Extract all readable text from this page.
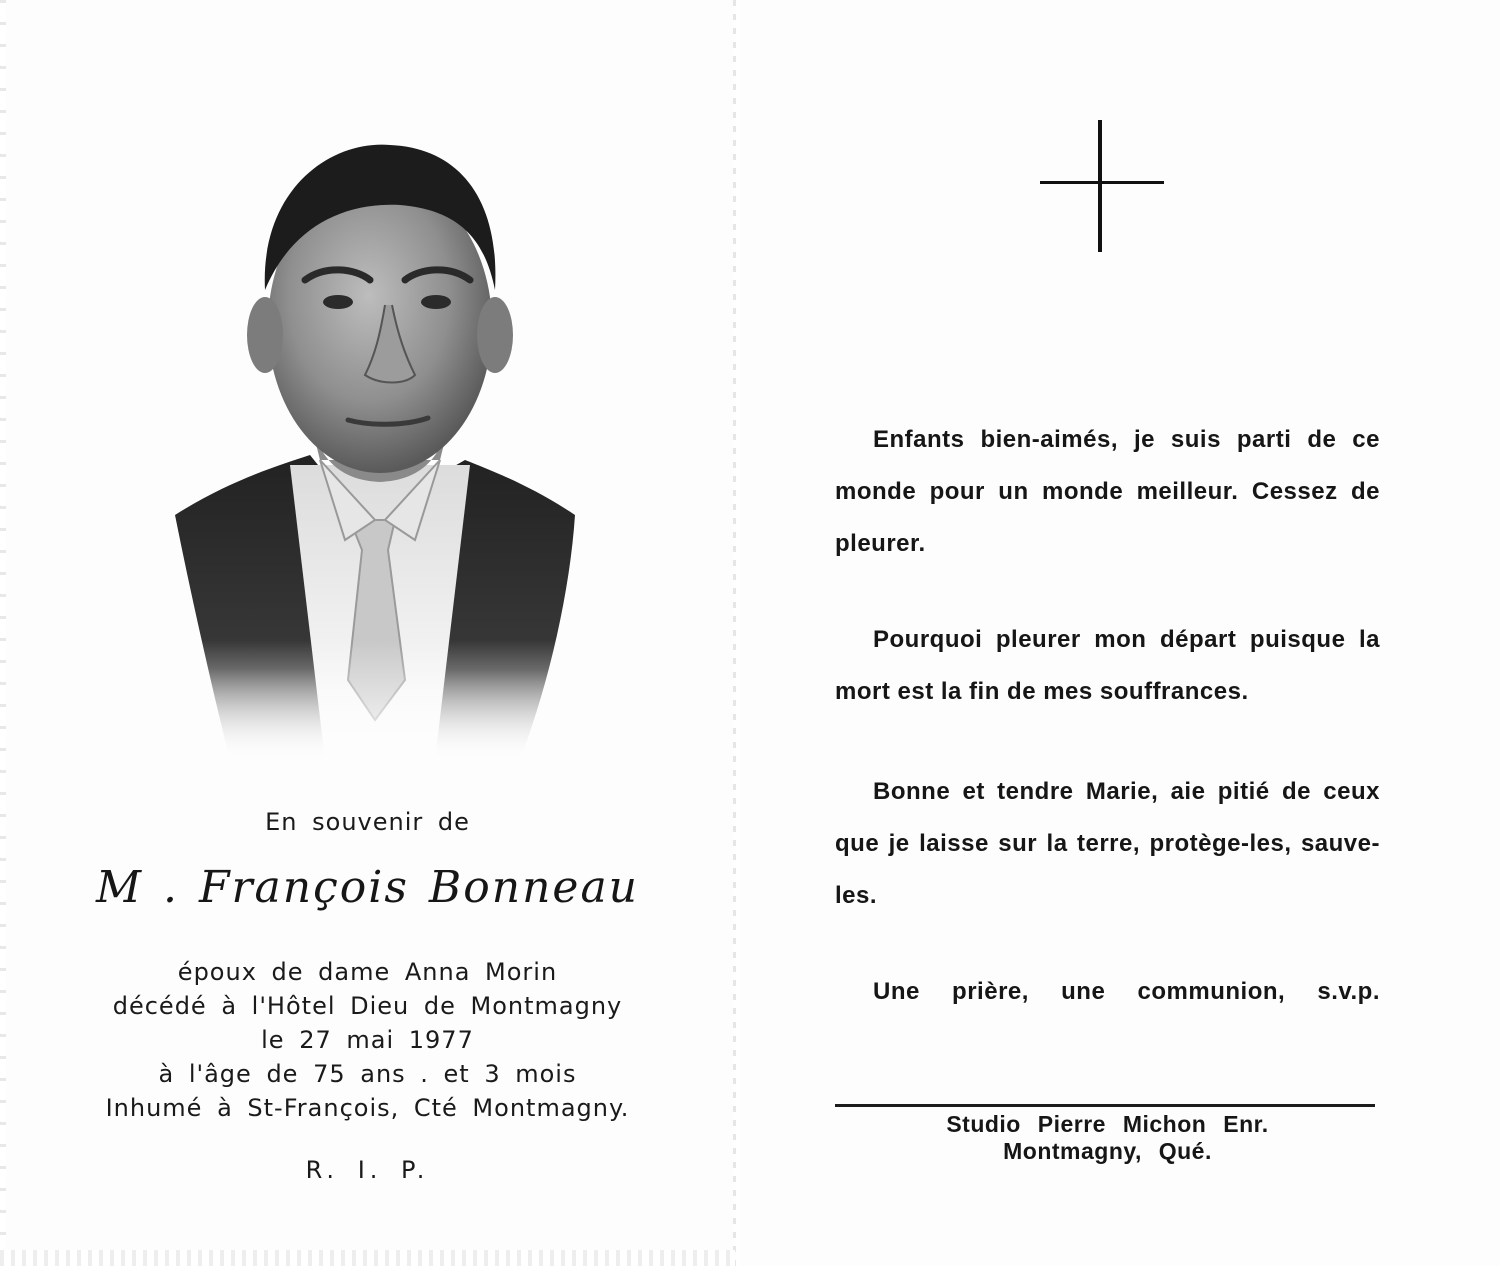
En souvenir de
M . François Bonneau
époux de dame Anna Morin
décédé à l'Hôtel Dieu de Montmagny
le 27 mai 1977
à l'âge de 75 ans . et 3 mois
Inhumé à St-François, Cté Montmagny.
R. I. P.
Enfants bien-aimés, je suis parti de ce monde pour un monde meilleur. Cessez de pleurer.
Pourquoi pleurer mon départ puisque la mort est la fin de mes souffrances.
Bonne et tendre Marie, aie pitié de ceux que je laisse sur la terre, protège-les, sauve-les.
Une prière, une communion, s.v.p.
Studio Pierre Michon Enr.
Montmagny, Qué.
